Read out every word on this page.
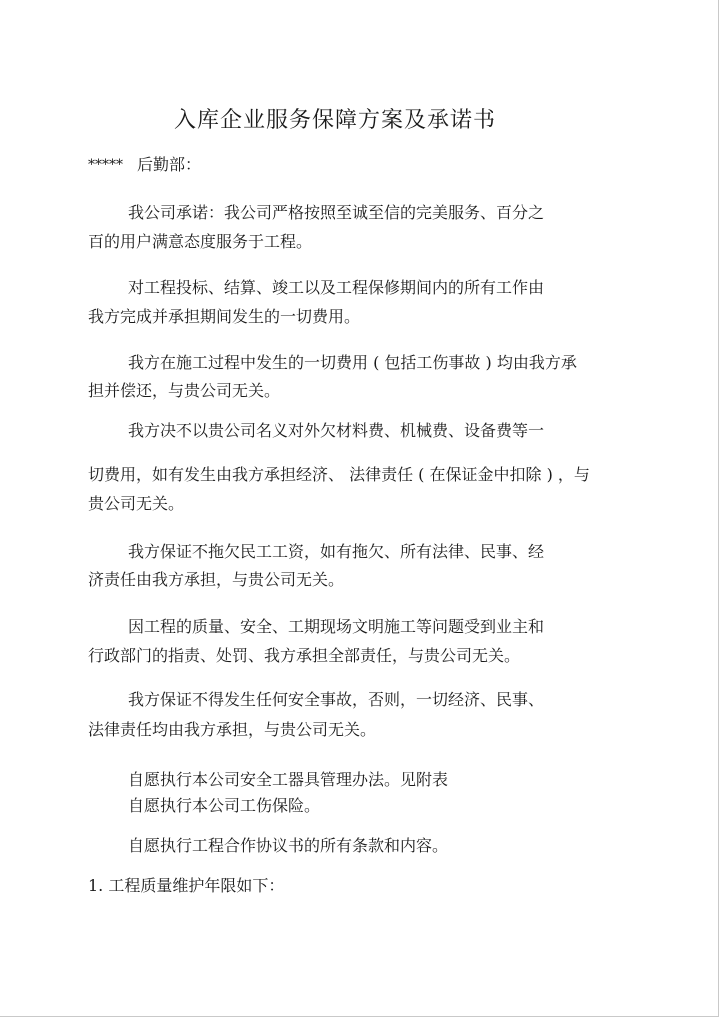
入库企业服务保障方案及承诺书
***** 后勤部：
我公司承诺：我公司严格按照至诚至信的完美服务、百分之
百的用户满意态度服务于工程。
对工程投标、结算、竣工以及工程保修期间内的所有工作由
我方完成并承担期间发生的一切费用。
我方在施工过程中发生的一切费用 ( 包括工伤事故 ) 均由我方承
担并偿还，与贵公司无关。
我方决不以贵公司名义对外欠材料费、机械费、设备费等一
切费用，如有发生由我方承担经济、 法律责任 ( 在保证金中扣除 ) ，与
贵公司无关。
我方保证不拖欠民工工资，如有拖欠、所有法律、民事、经
济责任由我方承担，与贵公司无关。
因工程的质量、安全、工期现场文明施工等问题受到业主和
行政部门的指责、处罚、我方承担全部责任，与贵公司无关。
我方保证不得发生任何安全事故，否则，一切经济、民事、
法律责任均由我方承担，与贵公司无关。
自愿执行本公司安全工器具管理办法。见附表
自愿执行本公司工伤保险。
自愿执行工程合作协议书的所有条款和内容。
1. 工程质量维护年限如下：
